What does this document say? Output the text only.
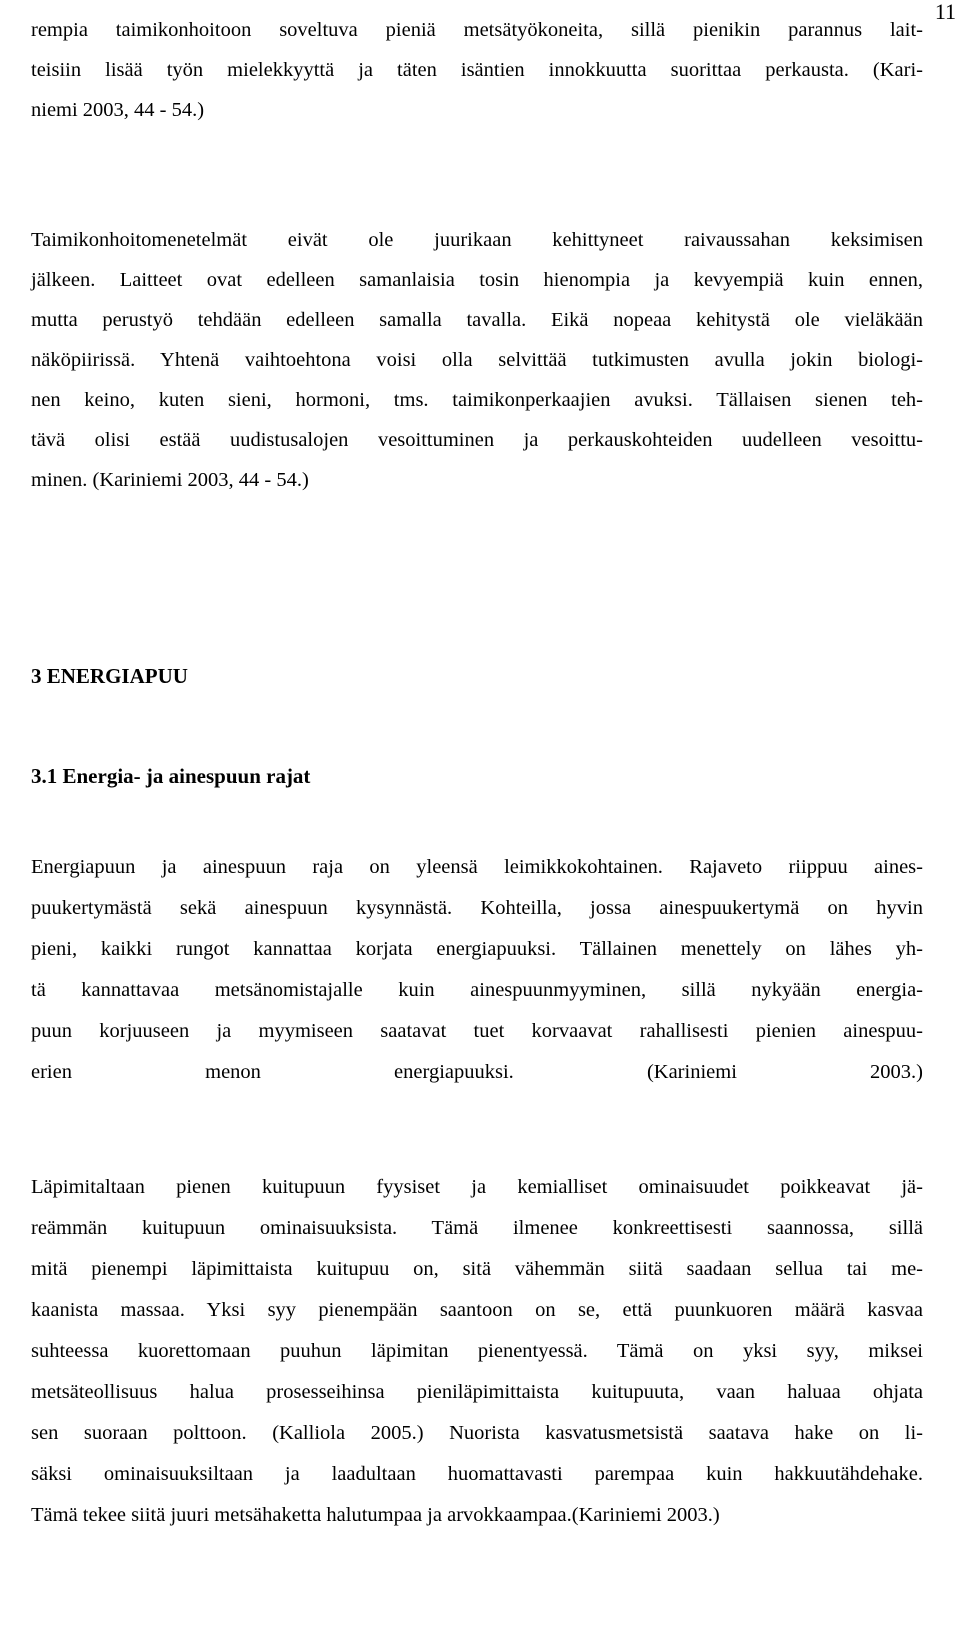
11
rempia taimikonhoitoon soveltuva pieniä metsätyökoneita, sillä pienikin parannus lait-
teisiin lisää työn mielekkyyttä ja täten isäntien innokkuutta suorittaa perkausta. (Kari-
niemi 2003, 44 - 54.)
Taimikonhoitomenetelmät eivät ole juurikaan kehittyneet raivaussahan keksimisen
jälkeen. Laitteet ovat edelleen samanlaisia tosin hienompia ja kevyempiä kuin ennen,
mutta perustyö tehdään edelleen samalla tavalla. Eikä nopeaa kehitystä ole vieläkään
näköpiirissä. Yhtenä vaihtoehtona voisi olla selvittää tutkimusten avulla jokin biologi-
nen keino, kuten sieni, hormoni, tms. taimikonperkaajien avuksi. Tällaisen sienen teh-
tävä olisi estää uudistusalojen vesoittuminen ja perkauskohteiden uudelleen vesoittu-
minen. (Kariniemi 2003, 44 - 54.)
3 ENERGIAPUU
3.1 Energia- ja ainespuun rajat
Energiapuun ja ainespuun raja on yleensä leimikkokohtainen. Rajaveto riippuu aines-
puukertymästä sekä ainespuun kysynnästä. Kohteilla, jossa ainespuukertymä on hyvin
pieni, kaikki rungot kannattaa korjata energiapuuksi. Tällainen menettely on lähes yh-
tä kannattavaa metsänomistajalle kuin ainespuunmyyminen, sillä nykyään energia-
puun korjuuseen ja myymiseen saatavat tuet korvaavat rahallisesti pienien ainespuu-
erien menon energiapuuksi. (Kariniemi 2003.)
Läpimitaltaan pienen kuitupuun fyysiset ja kemialliset ominaisuudet poikkeavat jä-
reämmän kuitupuun ominaisuuksista. Tämä ilmenee konkreettisesti saannossa, sillä
mitä pienempi läpimittaista kuitupuu on, sitä vähemmän siitä saadaan sellua tai me-
kaanista massaa. Yksi syy pienempään saantoon on se, että puunkuoren määrä kasvaa
suhteessa kuorettomaan puuhun läpimitan pienentyessä. Tämä on yksi syy, miksei
metsäteollisuus halua prosesseihinsa pieniläpimittaista kuitupuuta, vaan haluaa ohjata
sen suoraan polttoon. (Kalliola 2005.) Nuorista kasvatusmetsistä saatava hake on li-
säksi ominaisuuksiltaan ja laadultaan huomattavasti parempaa kuin hakkuutähdehake.
Tämä tekee siitä juuri metsähaketta halutumpaa ja arvokkaampaa.(Kariniemi 2003.)
